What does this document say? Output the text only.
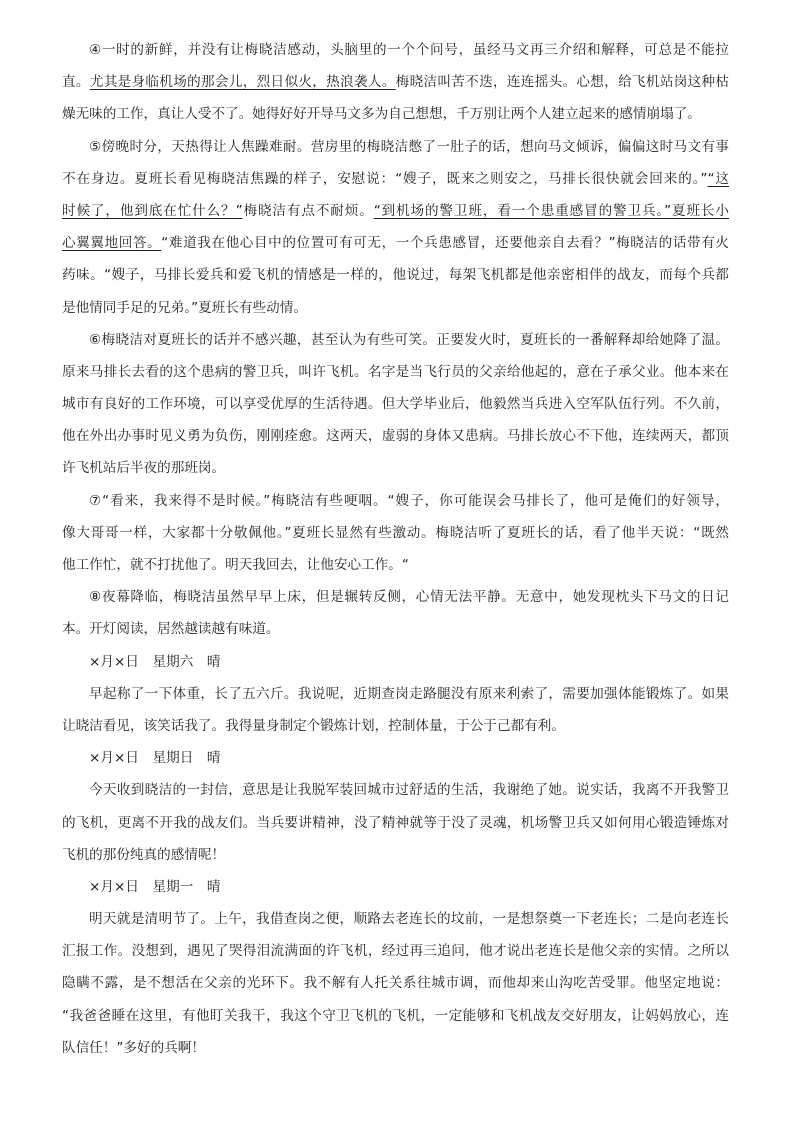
④一时的新鲜，并没有让梅晓洁感动，头脑里的一个个问号，虽经马文再三介绍和解释，可总是不能拉
直。尤其是身临机场的那会儿，烈日似火，热浪袭人。梅晓洁叫苦不迭，连连摇头。心想，给飞机站岗这种枯
燥无味的工作，真让人受不了。她得好好开导马文多为自己想想，千万别让两个人建立起来的感情崩塌了。
⑤傍晚时分，天热得让人焦躁难耐。营房里的梅晓洁憋了一肚子的话，想向马文倾诉，偏偏这时马文有事
不在身边。夏班长看见梅晓洁焦躁的样子，安慰说：“嫂子，既来之则安之，马排长很快就会回来的。”“这
时候了，他到底在忙什么？”梅晓洁有点不耐烦。“到机场的警卫班，看一个患重感冒的警卫兵。”夏班长小
心翼翼地回答。“难道我在他心目中的位置可有可无，一个兵患感冒，还要他亲自去看？”梅晓洁的话带有火
药味。“嫂子，马排长爱兵和爱飞机的情感是一样的，他说过，每架飞机都是他亲密相伴的战友，而每个兵都
是他情同手足的兄弟。”夏班长有些动情。
⑥梅晓洁对夏班长的话并不感兴趣，甚至认为有些可笑。正要发火时，夏班长的一番解释却给她降了温。
原来马排长去看的这个患病的警卫兵，叫许飞机。名字是当飞行员的父亲给他起的，意在子承父业。他本来在
城市有良好的工作环境，可以享受优厚的生活待遇。但大学毕业后，他毅然当兵进入空军队伍行列。不久前，
他在外出办事时见义勇为负伤，刚刚痊愈。这两天，虚弱的身体又患病。马排长放心不下他，连续两天，都顶
许飞机站后半夜的那班岗。
⑦“看来，我来得不是时候。”梅晓洁有些哽咽。“嫂子，你可能误会马排长了，他可是俺们的好领导，
像大哥哥一样，大家都十分敬佩他。”夏班长显然有些激动。梅晓洁听了夏班长的话，看了他半天说：“既然
他工作忙，就不打扰他了。明天我回去，让他安心工作。“
⑧夜幕降临，梅晓洁虽然早早上床，但是辗转反侧，心情无法平静。无意中，她发现枕头下马文的日记
本。开灯阅读，居然越读越有味道。
×月×日　星期六　晴
早起称了一下体重，长了五六斤。我说呢，近期查岗走路腿没有原来利索了，需要加强体能锻炼了。如果
让晓洁看见，该笑话我了。我得量身制定个锻炼计划，控制体量，于公于己都有利。
×月×日　星期日　晴
今天收到晓洁的一封信，意思是让我脱军装回城市过舒适的生活，我谢绝了她。说实话，我离不开我警卫
的飞机，更离不开我的战友们。当兵要讲精神，没了精神就等于没了灵魂，机场警卫兵又如何用心锻造锤炼对
飞机的那份纯真的感情呢！
×月×日　星期一　晴
明天就是清明节了。上午，我借查岗之便，顺路去老连长的坟前，一是想祭奠一下老连长；二是向老连长
汇报工作。没想到，遇见了哭得泪流满面的许飞机，经过再三追问，他才说出老连长是他父亲的实情。之所以
隐瞒不露，是不想活在父亲的光环下。我不解有人托关系往城市调，而他却来山沟吃苦受罪。他坚定地说：
“我爸爸睡在这里，有他盯关我干，我这个守卫飞机的飞机，一定能够和飞机战友交好朋友，让妈妈放心，连
队信任！”多好的兵啊！
